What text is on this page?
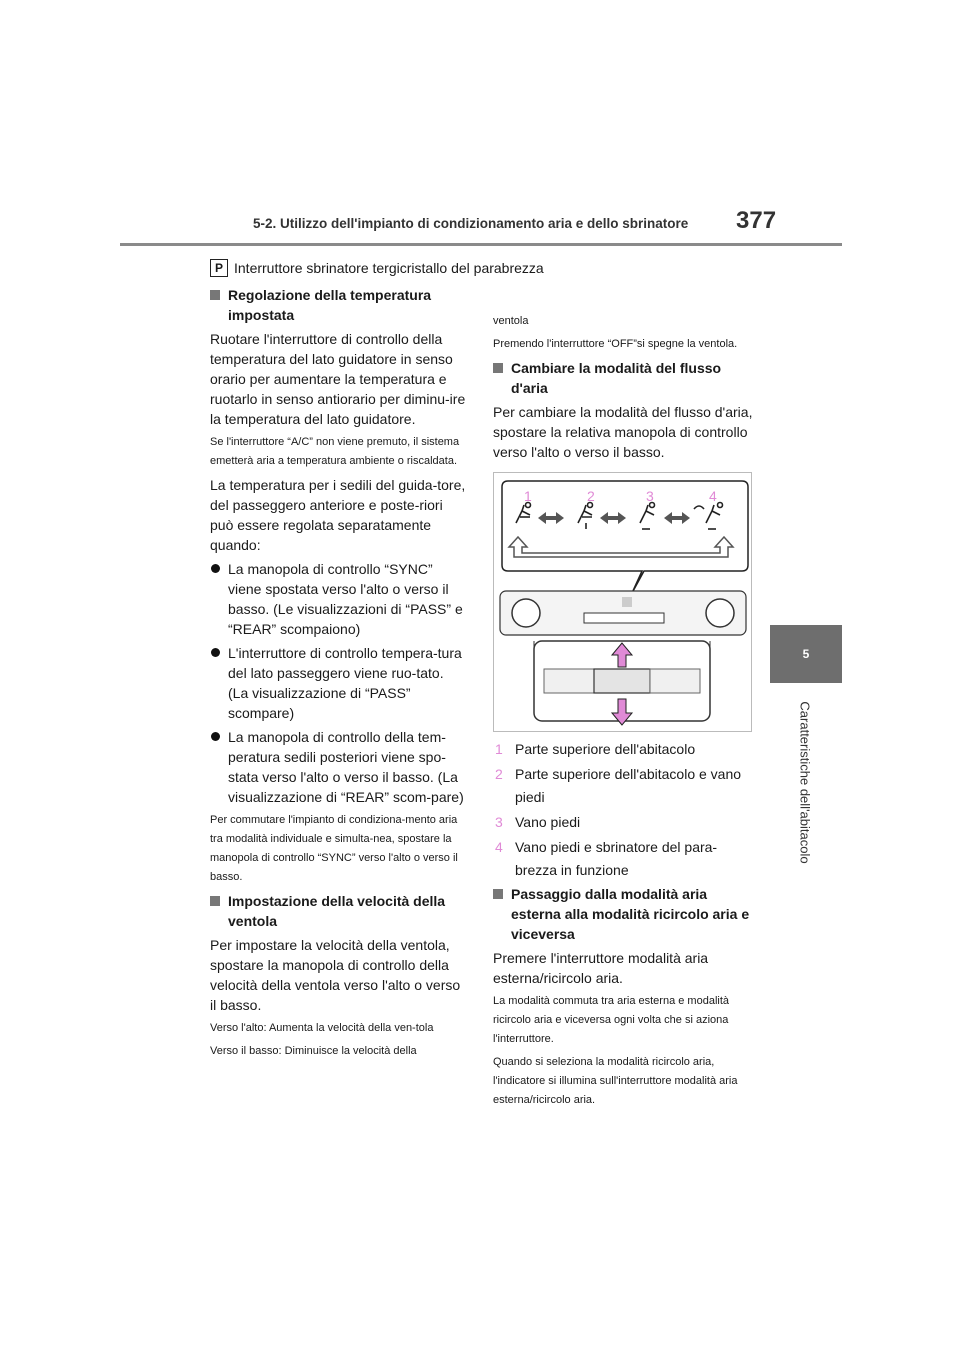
5-2. Utilizzo dell'impianto di condizionamento aria e dello sbrinatore 377
5
Caratteristiche dell'abitacolo
P Interruttore sbrinatore tergicristallo del parabrezza
Regolazione della temperatura impostata
Ruotare l'interruttore di controllo della temperatura del lato guidatore in senso orario per aumentare la temperatura e ruotarlo in senso antiorario per diminu-ire la temperatura del lato guidatore.
Se l'interruttore “A/C” non viene premuto, il sistema emetterà aria a temperatura ambiente o riscaldata.
La temperatura per i sedili del guida-tore, del passeggero anteriore e poste-riori può essere regolata separatamente quando:
La manopola di controllo “SYNC” viene spostata verso l'alto o verso il basso. (Le visualizzazioni di “PASS” e “REAR” scompaiono)
L'interruttore di controllo tempera-tura del lato passeggero viene ruo-tato. (La visualizzazione di “PASS” scompare)
La manopola di controllo della tem-peratura sedili posteriori viene spo-stata verso l'alto o verso il basso. (La visualizzazione di “REAR” scom-pare)
Per commutare l'impianto di condiziona-mento aria tra modalità individuale e simulta-nea, spostare la manopola di controllo “SYNC” verso l'alto o verso il basso.
Impostazione della velocità della ventola
Per impostare la velocità della ventola, spostare la manopola di controllo della velocità della ventola verso l'alto o verso il basso.
Verso l'alto: Aumenta la velocità della ven-tola
Verso il basso: Diminuisce la velocità della
ventola
Premendo l'interruttore “OFF”si spegne la ventola.
Cambiare la modalità del flusso d'aria
Per cambiare la modalità del flusso d'aria, spostare la relativa manopola di controllo verso l'alto o verso il basso.
1	2	3	4
1 Parte superiore dell'abitacolo
2 Parte superiore dell'abitacolo e vano piedi
3 Vano piedi
4 Vano piedi e sbrinatore del para-brezza in funzione
Passaggio dalla modalità aria esterna alla modalità ricircolo aria e viceversa
Premere l'interruttore modalità aria esterna/ricircolo aria.
La modalità commuta tra aria esterna e modalità ricircolo aria e viceversa ogni volta che si aziona l'interruttore.
Quando si seleziona la modalità ricircolo aria, l'indicatore si illumina sull'interruttore modalità aria esterna/ricircolo aria.
